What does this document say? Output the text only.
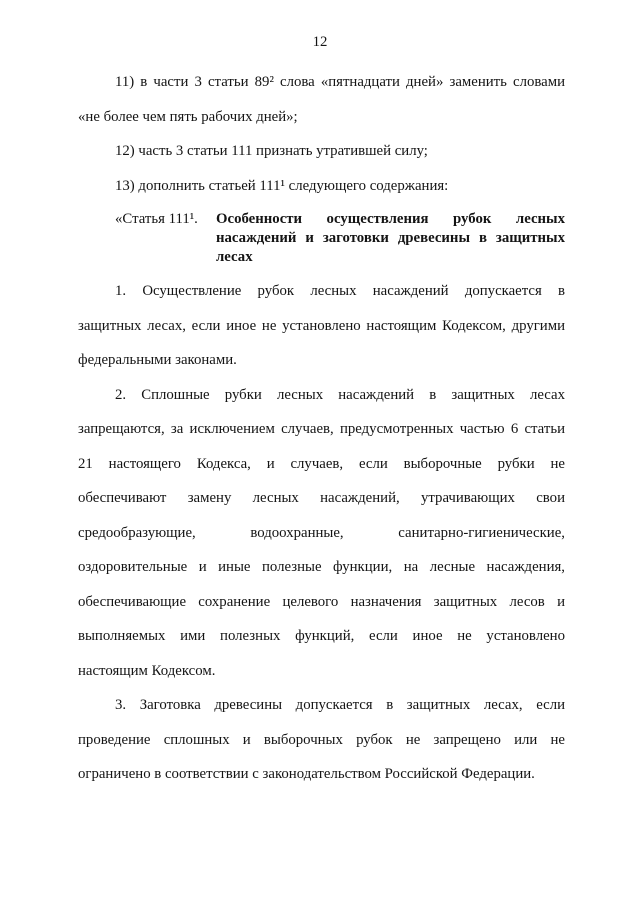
12
11) в части 3 статьи 89² слова «пятнадцати дней» заменить словами
«не более чем пять рабочих дней»;
12) часть 3 статьи 111 признать утратившей силу;
13) дополнить статьей 111¹ следующего содержания:
«Статья 111¹.	Особенности осуществления рубок лесных
насаждений и заготовки древесины в защитных
лесах
1. Осуществление рубок лесных насаждений допускается в
защитных лесах, если иное не установлено настоящим Кодексом, другими
федеральными законами.
2. Сплошные рубки лесных насаждений в защитных лесах
запрещаются, за исключением случаев, предусмотренных частью 6 статьи
21 настоящего Кодекса, и случаев, если выборочные рубки не
обеспечивают замену лесных насаждений, утрачивающих свои
средообразующие, водоохранные, санитарно-гигиенические,
оздоровительные и иные полезные функции, на лесные насаждения,
обеспечивающие сохранение целевого назначения защитных лесов и
выполняемых ими полезных функций, если иное не установлено
настоящим Кодексом.
3. Заготовка древесины допускается в защитных лесах, если
проведение сплошных и выборочных рубок не запрещено или не
ограничено в соответствии с законодательством Российской Федерации.
